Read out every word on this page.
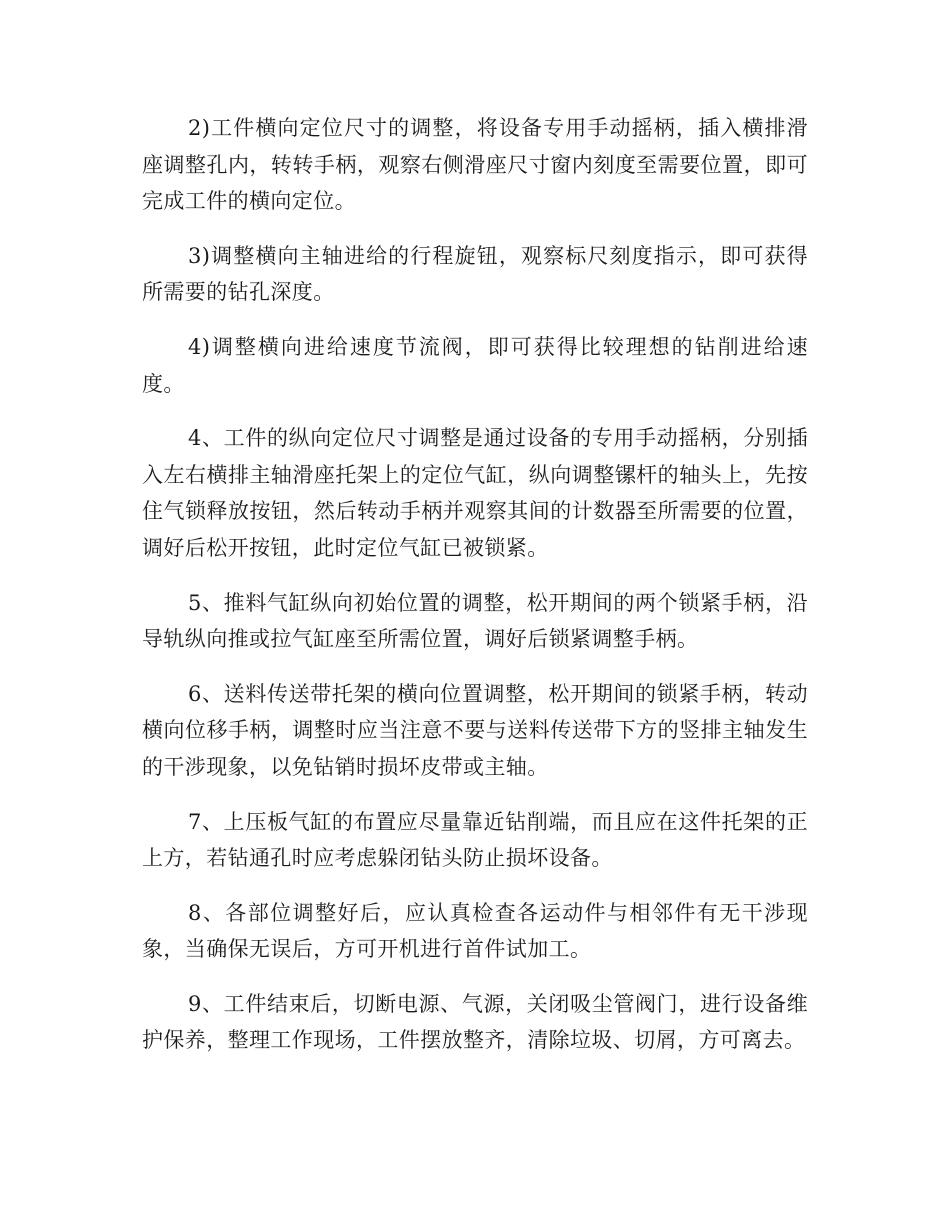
2)工件横向定位尺寸的调整，将设备专用手动摇柄，插入横排滑座调整孔内，转转手柄，观察右侧滑座尺寸窗内刻度至需要位置，即可完成工件的横向定位。

3)调整横向主轴进给的行程旋钮，观察标尺刻度指示，即可获得所需要的钻孔深度。

4)调整横向进给速度节流阀，即可获得比较理想的钻削进给速度。

4、工件的纵向定位尺寸调整是通过设备的专用手动摇柄，分别插入左右横排主轴滑座托架上的定位气缸，纵向调整镙杆的轴头上，先按住气锁释放按钮，然后转动手柄并观察其间的计数器至所需要的位置，调好后松开按钮，此时定位气缸已被锁紧。

5、推料气缸纵向初始位置的调整，松开期间的两个锁紧手柄，沿导轨纵向推或拉气缸座至所需位置，调好后锁紧调整手柄。

6、送料传送带托架的横向位置调整，松开期间的锁紧手柄，转动横向位移手柄，调整时应当注意不要与送料传送带下方的竖排主轴发生的干涉现象，以免钻销时损坏皮带或主轴。

7、上压板气缸的布置应尽量靠近钻削端，而且应在这件托架的正上方，若钻通孔时应考虑躲闭钻头防止损坏设备。

8、各部位调整好后，应认真检查各运动件与相邻件有无干涉现象，当确保无误后，方可开机进行首件试加工。

9、工件结束后，切断电源、气源，关闭吸尘管阀门，进行设备维护保养，整理工作现场，工件摆放整齐，清除垃圾、切屑，方可离去。
